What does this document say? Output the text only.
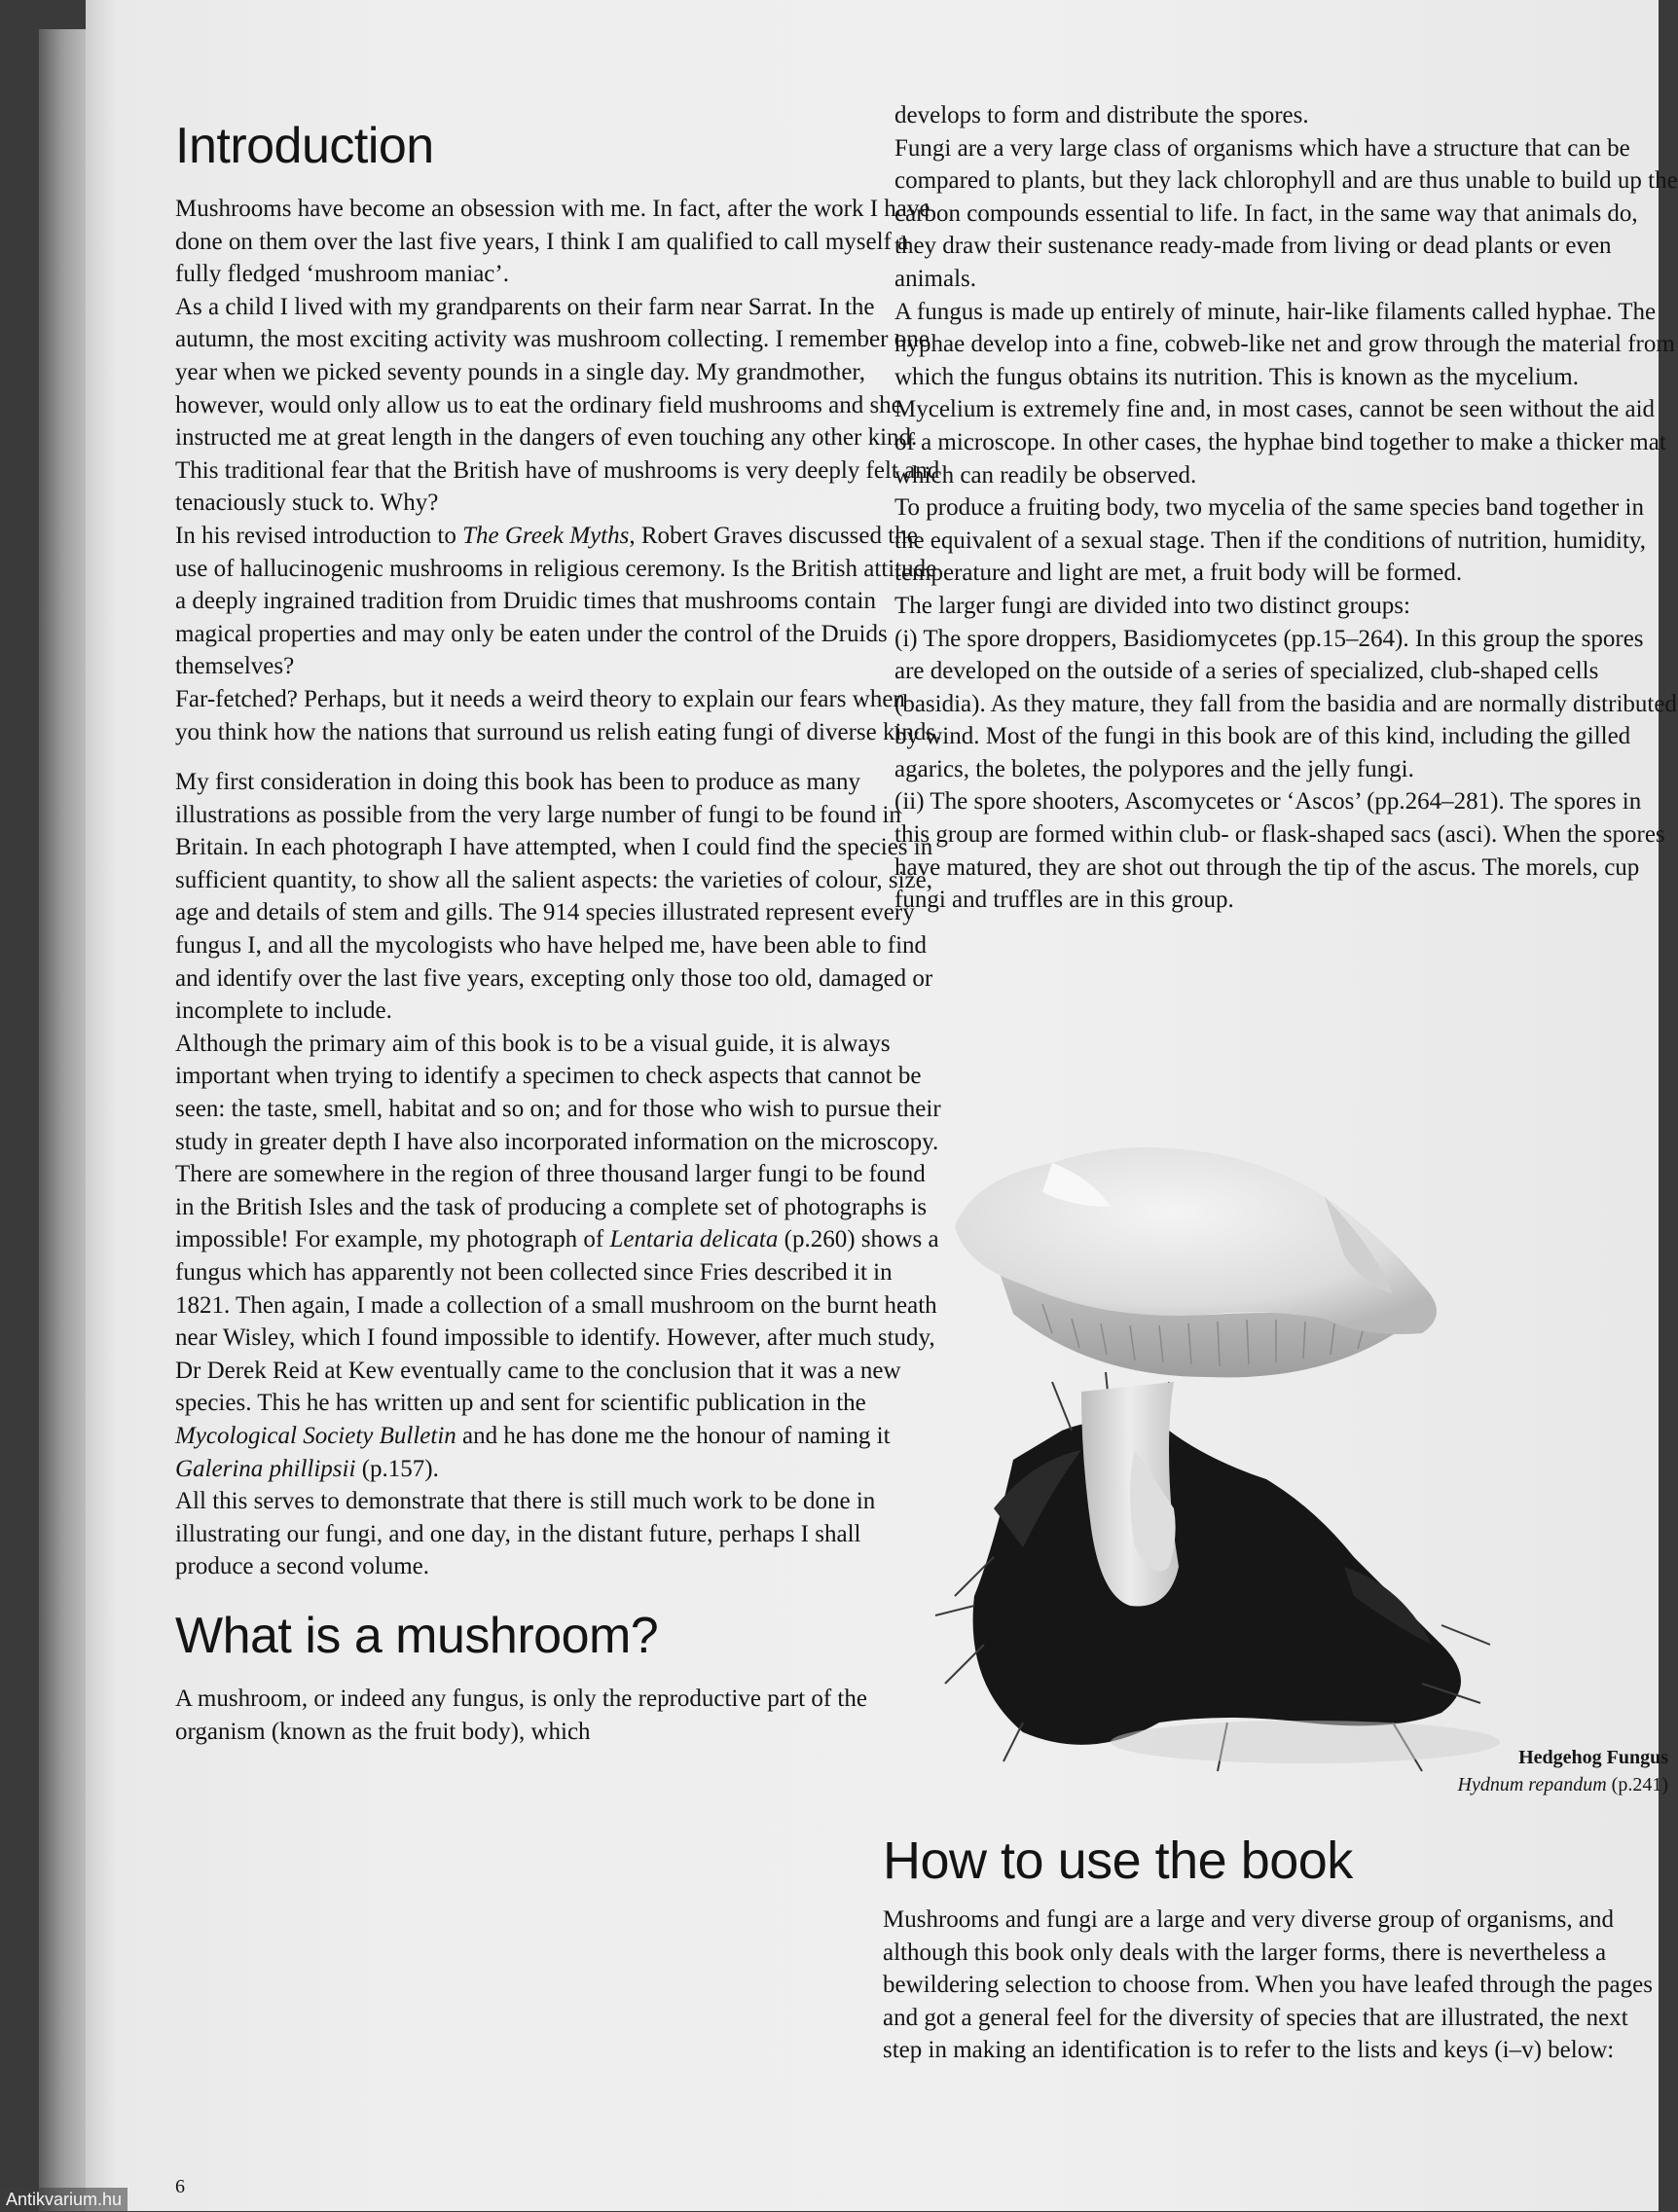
Introduction

Mushrooms have become an obsession with me. In fact, after the work I have done on them over the last five years, I think I am qualified to call myself a fully fledged ‘mushroom maniac’.

As a child I lived with my grandparents on their farm near Sarrat. In the autumn, the most exciting activity was mushroom collecting. I remember one year when we picked seventy pounds in a single day. My grandmother, however, would only allow us to eat the ordinary field mushrooms and she instructed me at great length in the dangers of even touching any other kind. This traditional fear that the British have of mushrooms is very deeply felt and tenaciously stuck to. Why?

In his revised introduction to The Greek Myths, Robert Graves discussed the use of hallucinogenic mushrooms in religious ceremony. Is the British attitude a deeply ingrained tradition from Druidic times that mushrooms contain magical properties and may only be eaten under the control of the Druids themselves?

Far-fetched? Perhaps, but it needs a weird theory to explain our fears when you think how the nations that surround us relish eating fungi of diverse kinds.

My first consideration in doing this book has been to produce as many illustrations as possible from the very large number of fungi to be found in Britain. In each photograph I have attempted, when I could find the species in sufficient quantity, to show all the salient aspects: the varieties of colour, size, age and details of stem and gills. The 914 species illustrated represent every fungus I, and all the mycologists who have helped me, have been able to find and identify over the last five years, excepting only those too old, damaged or incomplete to include.

Although the primary aim of this book is to be a visual guide, it is always important when trying to identify a specimen to check aspects that cannot be seen: the taste, smell, habitat and so on; and for those who wish to pursue their study in greater depth I have also incorporated information on the microscopy.

There are somewhere in the region of three thousand larger fungi to be found in the British Isles and the task of producing a complete set of photographs is impossible! For example, my photograph of Lentaria delicata (p.260) shows a fungus which has apparently not been collected since Fries described it in 1821. Then again, I made a collection of a small mushroom on the burnt heath near Wisley, which I found impossible to identify. However, after much study, Dr Derek Reid at Kew eventually came to the conclusion that it was a new species. This he has written up and sent for scientific publication in the Mycological Society Bulletin and he has done me the honour of naming it Galerina phillipsii (p.157).

All this serves to demonstrate that there is still much work to be done in illustrating our fungi, and one day, in the distant future, perhaps I shall produce a second volume.

What is a mushroom?

A mushroom, or indeed any fungus, is only the reproductive part of the organism (known as the fruit body), which

develops to form and distribute the spores.

Fungi are a very large class of organisms which have a structure that can be compared to plants, but they lack chlorophyll and are thus unable to build up the carbon compounds essential to life. In fact, in the same way that animals do, they draw their sustenance ready-made from living or dead plants or even animals.

A fungus is made up entirely of minute, hair-like filaments called hyphae. The hyphae develop into a fine, cobweb-like net and grow through the material from which the fungus obtains its nutrition. This is known as the mycelium. Mycelium is extremely fine and, in most cases, cannot be seen without the aid of a microscope. In other cases, the hyphae bind together to make a thicker mat which can readily be observed.

To produce a fruiting body, two mycelia of the same species band together in the equivalent of a sexual stage. Then if the conditions of nutrition, humidity, temperature and light are met, a fruit body will be formed.

The larger fungi are divided into two distinct groups:

(i) The spore droppers, Basidiomycetes (pp.15–264). In this group the spores are developed on the outside of a series of specialized, club-shaped cells (basidia). As they mature, they fall from the basidia and are normally distributed by wind. Most of the fungi in this book are of this kind, including the gilled agarics, the boletes, the polypores and the jelly fungi.

(ii) The spore shooters, Ascomycetes or ‘Ascos’ (pp.264–281). The spores in this group are formed within club- or flask-shaped sacs (asci). When the spores have matured, they are shot out through the tip of the ascus. The morels, cup fungi and truffles are in this group.

Hedgehog Fungus
Hydnum repandum (p.241)
How to use the book

Mushrooms and fungi are a large and very diverse group of organisms, and although this book only deals with the larger forms, there is nevertheless a bewildering selection to choose from. When you have leafed through the pages and got a general feel for the diversity of species that are illustrated, the next step in making an identification is to refer to the lists and keys (i–v) below:

6
Antikvarium.hu
